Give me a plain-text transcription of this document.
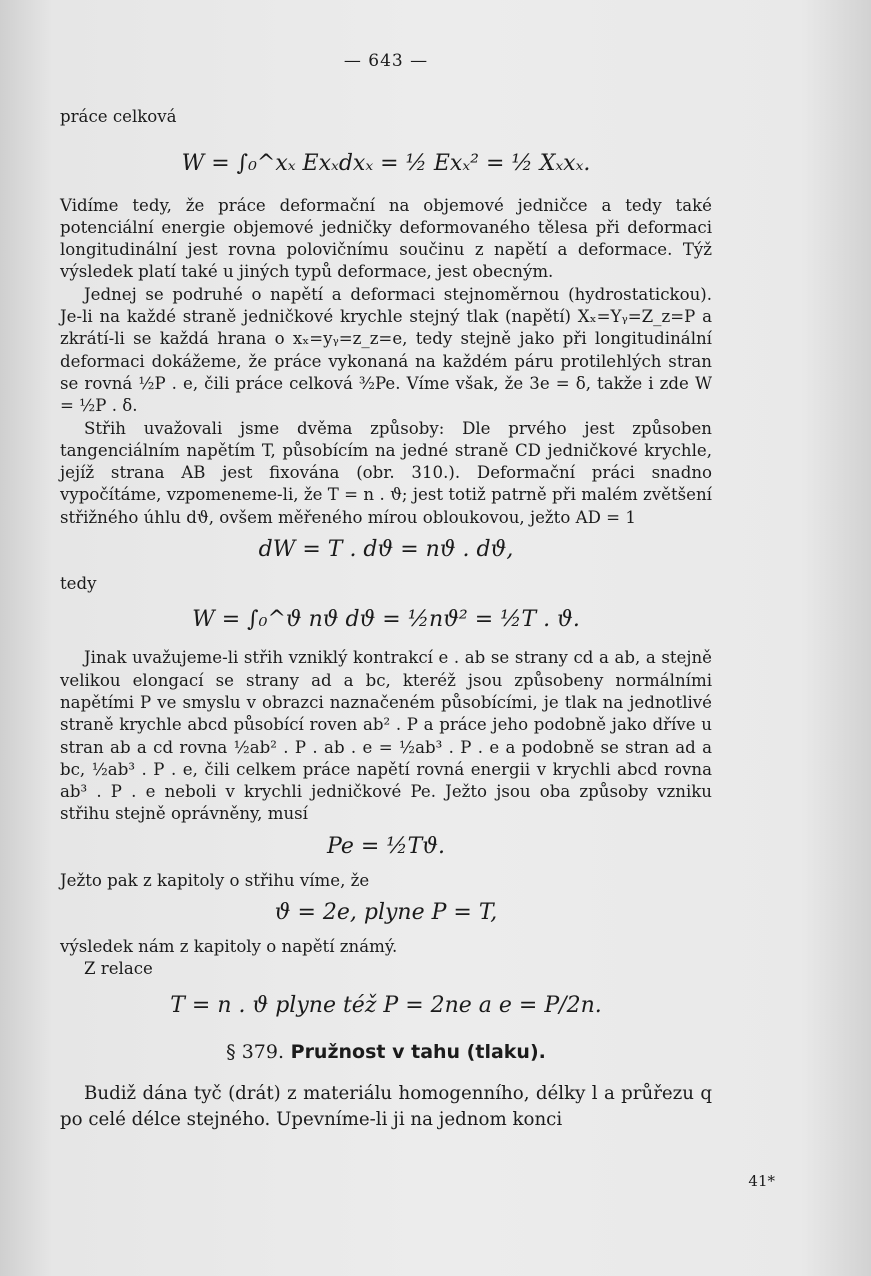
— 643 —

práce celková

W = ∫₀^xₓ Exₓdxₓ = ½ Exₓ² = ½ Xₓxₓ.

Vidíme tedy, že práce deformační na objemové jedničce a tedy také potenciální energie objemové jedničky deformovaného tělesa při deformaci longitudinální jest rovna polovičnímu součinu z napětí a deformace. Týž výsledek platí také u jiných typů deformace, jest obecným.

Jednej se podruhé o napětí a deformaci stejnoměrnou (hydrostatickou). Je-li na každé straně jedničkové krychle stejný tlak (napětí) Xₓ=Yᵧ=Z_z=P a zkrátí-li se každá hrana o xₓ=yᵧ=z_z=e, tedy stejně jako při longitudinální deformaci dokážeme, že práce vykonaná na každém páru protilehlých stran se rovná ½P . e, čili práce celková ³⁄₂Pe. Víme však, že 3e = δ, takže i zde W = ½P . δ.

Střih uvažovali jsme dvěma způsoby: Dle prvého jest způsoben tangenciálním napětím T, působícím na jedné straně CD jedničkové krychle, jejíž strana AB jest fixována (obr. 310.). Deformační práci snadno vypočítáme, vzpomeneme-li, že T = n . ϑ; jest totiž patrně při malém zvětšení střižného úhlu dϑ, ovšem měřeného mírou obloukovou, ježto AD = 1

dW = T . dϑ = nϑ . dϑ,

tedy

W = ∫₀^ϑ nϑ dϑ = ½nϑ² = ½T . ϑ.

Jinak uvažujeme-li střih vzniklý kontrakcí e . ab se strany cd a ab, a stejně velikou elongací se strany ad a bc, kteréž jsou způsobeny normálními napětími P ve smyslu v obrazci naznačeném působícími, je tlak na jednotlivé straně krychle abcd působící roven ab² . P a práce jeho podobně jako dříve u stran ab a cd rovna ½ab² . P . ab . e = ½ab³ . P . e a podobně se stran ad a bc, ½ab³ . P . e, čili celkem práce napětí rovná energii v krychli abcd rovna ab³ . P . e neboli v krychli jedničkové Pe. Ježto jsou oba způsoby vzniku střihu stejně oprávněny, musí

Pe = ½Tϑ.

Ježto pak z kapitoly o střihu víme, že

ϑ = 2e, plyne P = T,

výsledek nám z kapitoly o napětí známý.

Z relace

T = n . ϑ plyne též P = 2ne a e = P/2n.
§ 379. Pružnost v tahu (tlaku).

Budiž dána tyč (drát) z materiálu homogenního, délky l a průřezu q po celé délce stejného. Upevníme-li ji na jednom konci

41*
